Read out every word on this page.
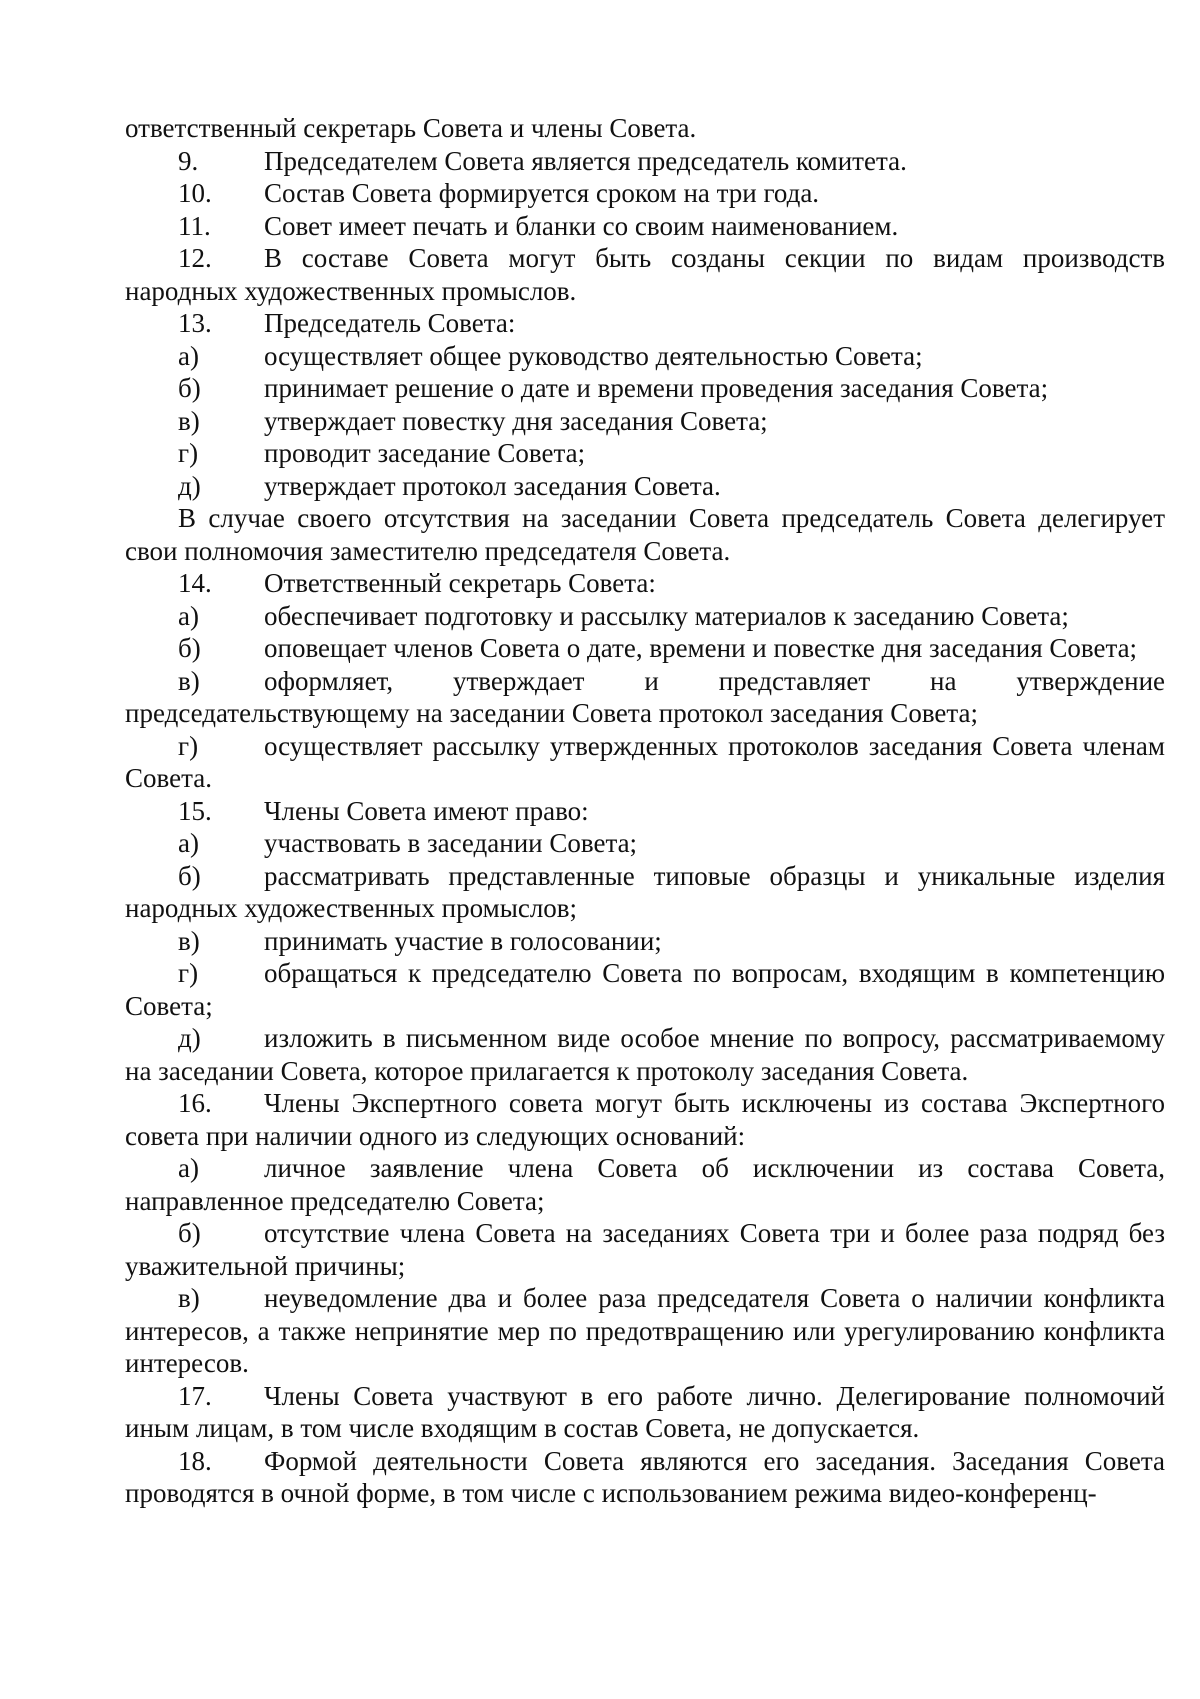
ответственный секретарь Совета и члены Совета.

9. Председателем Совета является председатель комитета.

10. Состав Совета формируется сроком на три года.

11. Совет имеет печать и бланки со своим наименованием.

12. В составе Совета могут быть созданы секции по видам производств народных художественных промыслов.

13. Председатель Совета:

а) осуществляет общее руководство деятельностью Совета;

б) принимает решение о дате и времени проведения заседания Совета;

в) утверждает повестку дня заседания Совета;

г) проводит заседание Совета;

д) утверждает протокол заседания Совета.

В случае своего отсутствия на заседании Совета председатель Совета делегирует свои полномочия заместителю председателя Совета.

14. Ответственный секретарь Совета:

а) обеспечивает подготовку и рассылку материалов к заседанию Совета;

б) оповещает членов Совета о дате, времени и повестке дня заседания Совета;

в) оформляет, утверждает и представляет на утверждение председательствующему на заседании Совета протокол заседания Совета;

г) осуществляет рассылку утвержденных протоколов заседания Совета членам Совета.

15. Члены Совета имеют право:

а) участвовать в заседании Совета;

б) рассматривать представленные типовые образцы и уникальные изделия народных художественных промыслов;

в) принимать участие в голосовании;

г) обращаться к председателю Совета по вопросам, входящим в компетенцию Совета;

д) изложить в письменном виде особое мнение по вопросу, рассматриваемому на заседании Совета, которое прилагается к протоколу заседания Совета.

16. Члены Экспертного совета могут быть исключены из состава Экспертного совета при наличии одного из следующих оснований:

а) личное заявление члена Совета об исключении из состава Совета, направленное председателю Совета;

б) отсутствие члена Совета на заседаниях Совета три и более раза подряд без уважительной причины;

в) неуведомление два и более раза председателя Совета о наличии конфликта интересов, а также непринятие мер по предотвращению или урегулированию конфликта интересов.

17. Члены Совета участвуют в его работе лично. Делегирование полномочий иным лицам, в том числе входящим в состав Совета, не допускается.

18. Формой деятельности Совета являются его заседания. Заседания Совета проводятся в очной форме, в том числе с использованием режима видео-конференц-
